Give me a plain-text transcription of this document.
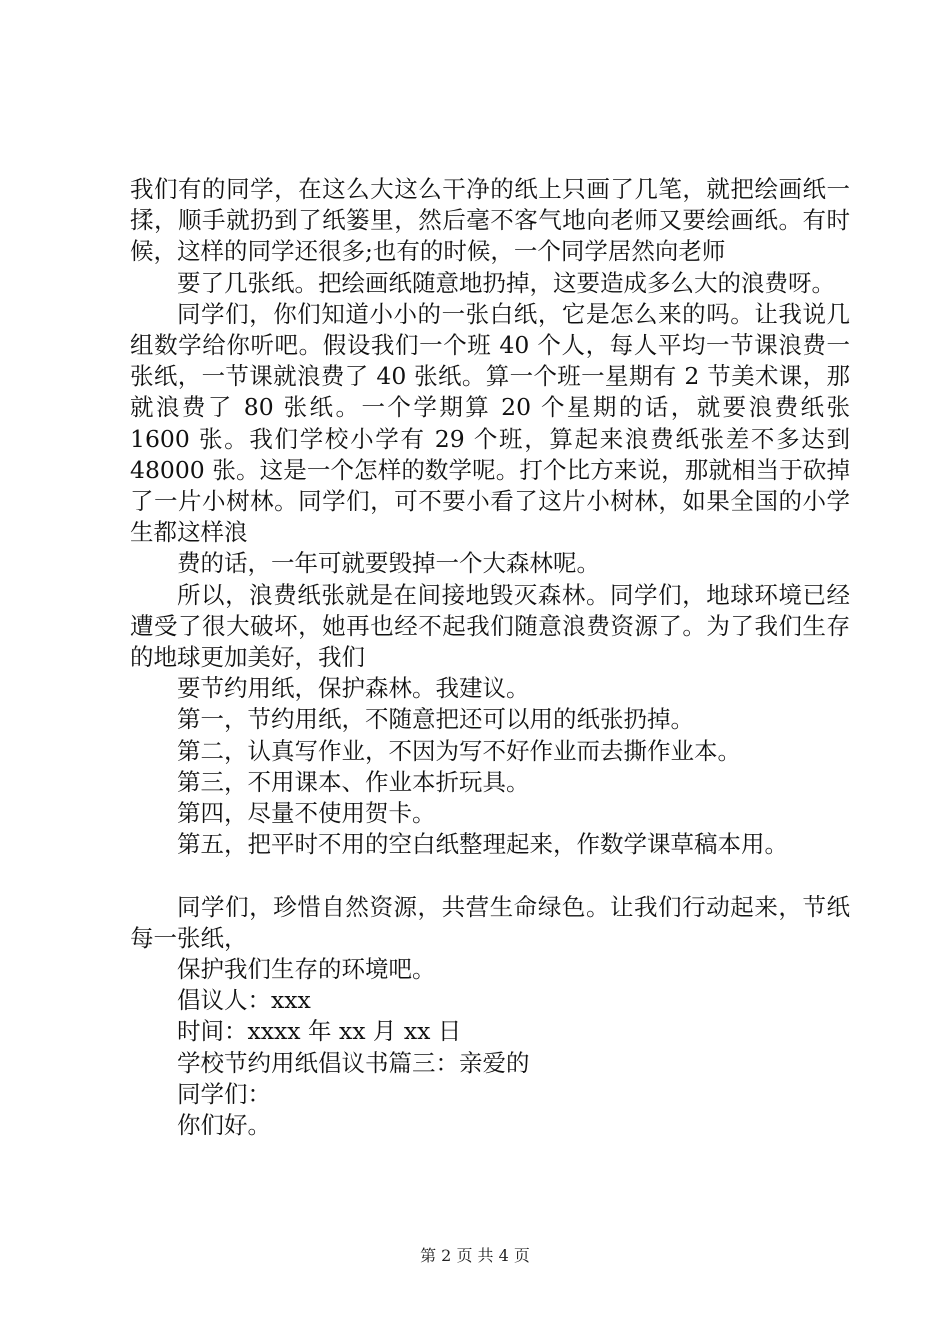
我们有的同学，在这么大这么干净的纸上只画了几笔，就把绘画纸一揉，顺手就扔到了纸篓里，然后毫不客气地向老师又要绘画纸。有时候，这样的同学还很多;也有的时候，一个同学居然向老师

要了几张纸。把绘画纸随意地扔掉，这要造成多么大的浪费呀。

同学们，你们知道小小的一张白纸，它是怎么来的吗。让我说几组数学给你听吧。假设我们一个班 40 个人，每人平均一节课浪费一张纸，一节课就浪费了 40 张纸。算一个班一星期有 2 节美术课，那就浪费了 80 张纸。一个学期算 20 个星期的话，就要浪费纸张 1600 张。我们学校小学有 29 个班，算起来浪费纸张差不多达到 48000 张。这是一个怎样的数学呢。打个比方来说，那就相当于砍掉了一片小树林。同学们，可不要小看了这片小树林，如果全国的小学生都这样浪

费的话，一年可就要毁掉一个大森林呢。

所以，浪费纸张就是在间接地毁灭森林。同学们，地球环境已经遭受了很大破坏，她再也经不起我们随意浪费资源了。为了我们生存的地球更加美好，我们

要节约用纸，保护森林。我建议。

第一，节约用纸，不随意把还可以用的纸张扔掉。

第二，认真写作业，不因为写不好作业而去撕作业本。

第三，不用课本、作业本折玩具。

第四，尽量不使用贺卡。

第五，把平时不用的空白纸整理起来，作数学课草稿本用。

同学们，珍惜自然资源，共营生命绿色。让我们行动起来，节纸每一张纸，

保护我们生存的环境吧。

倡议人：xxx

时间：xxxx 年 xx 月 xx 日

学校节约用纸倡议书篇三：亲爱的

同学们：

你们好。

第 2 页 共 4 页
